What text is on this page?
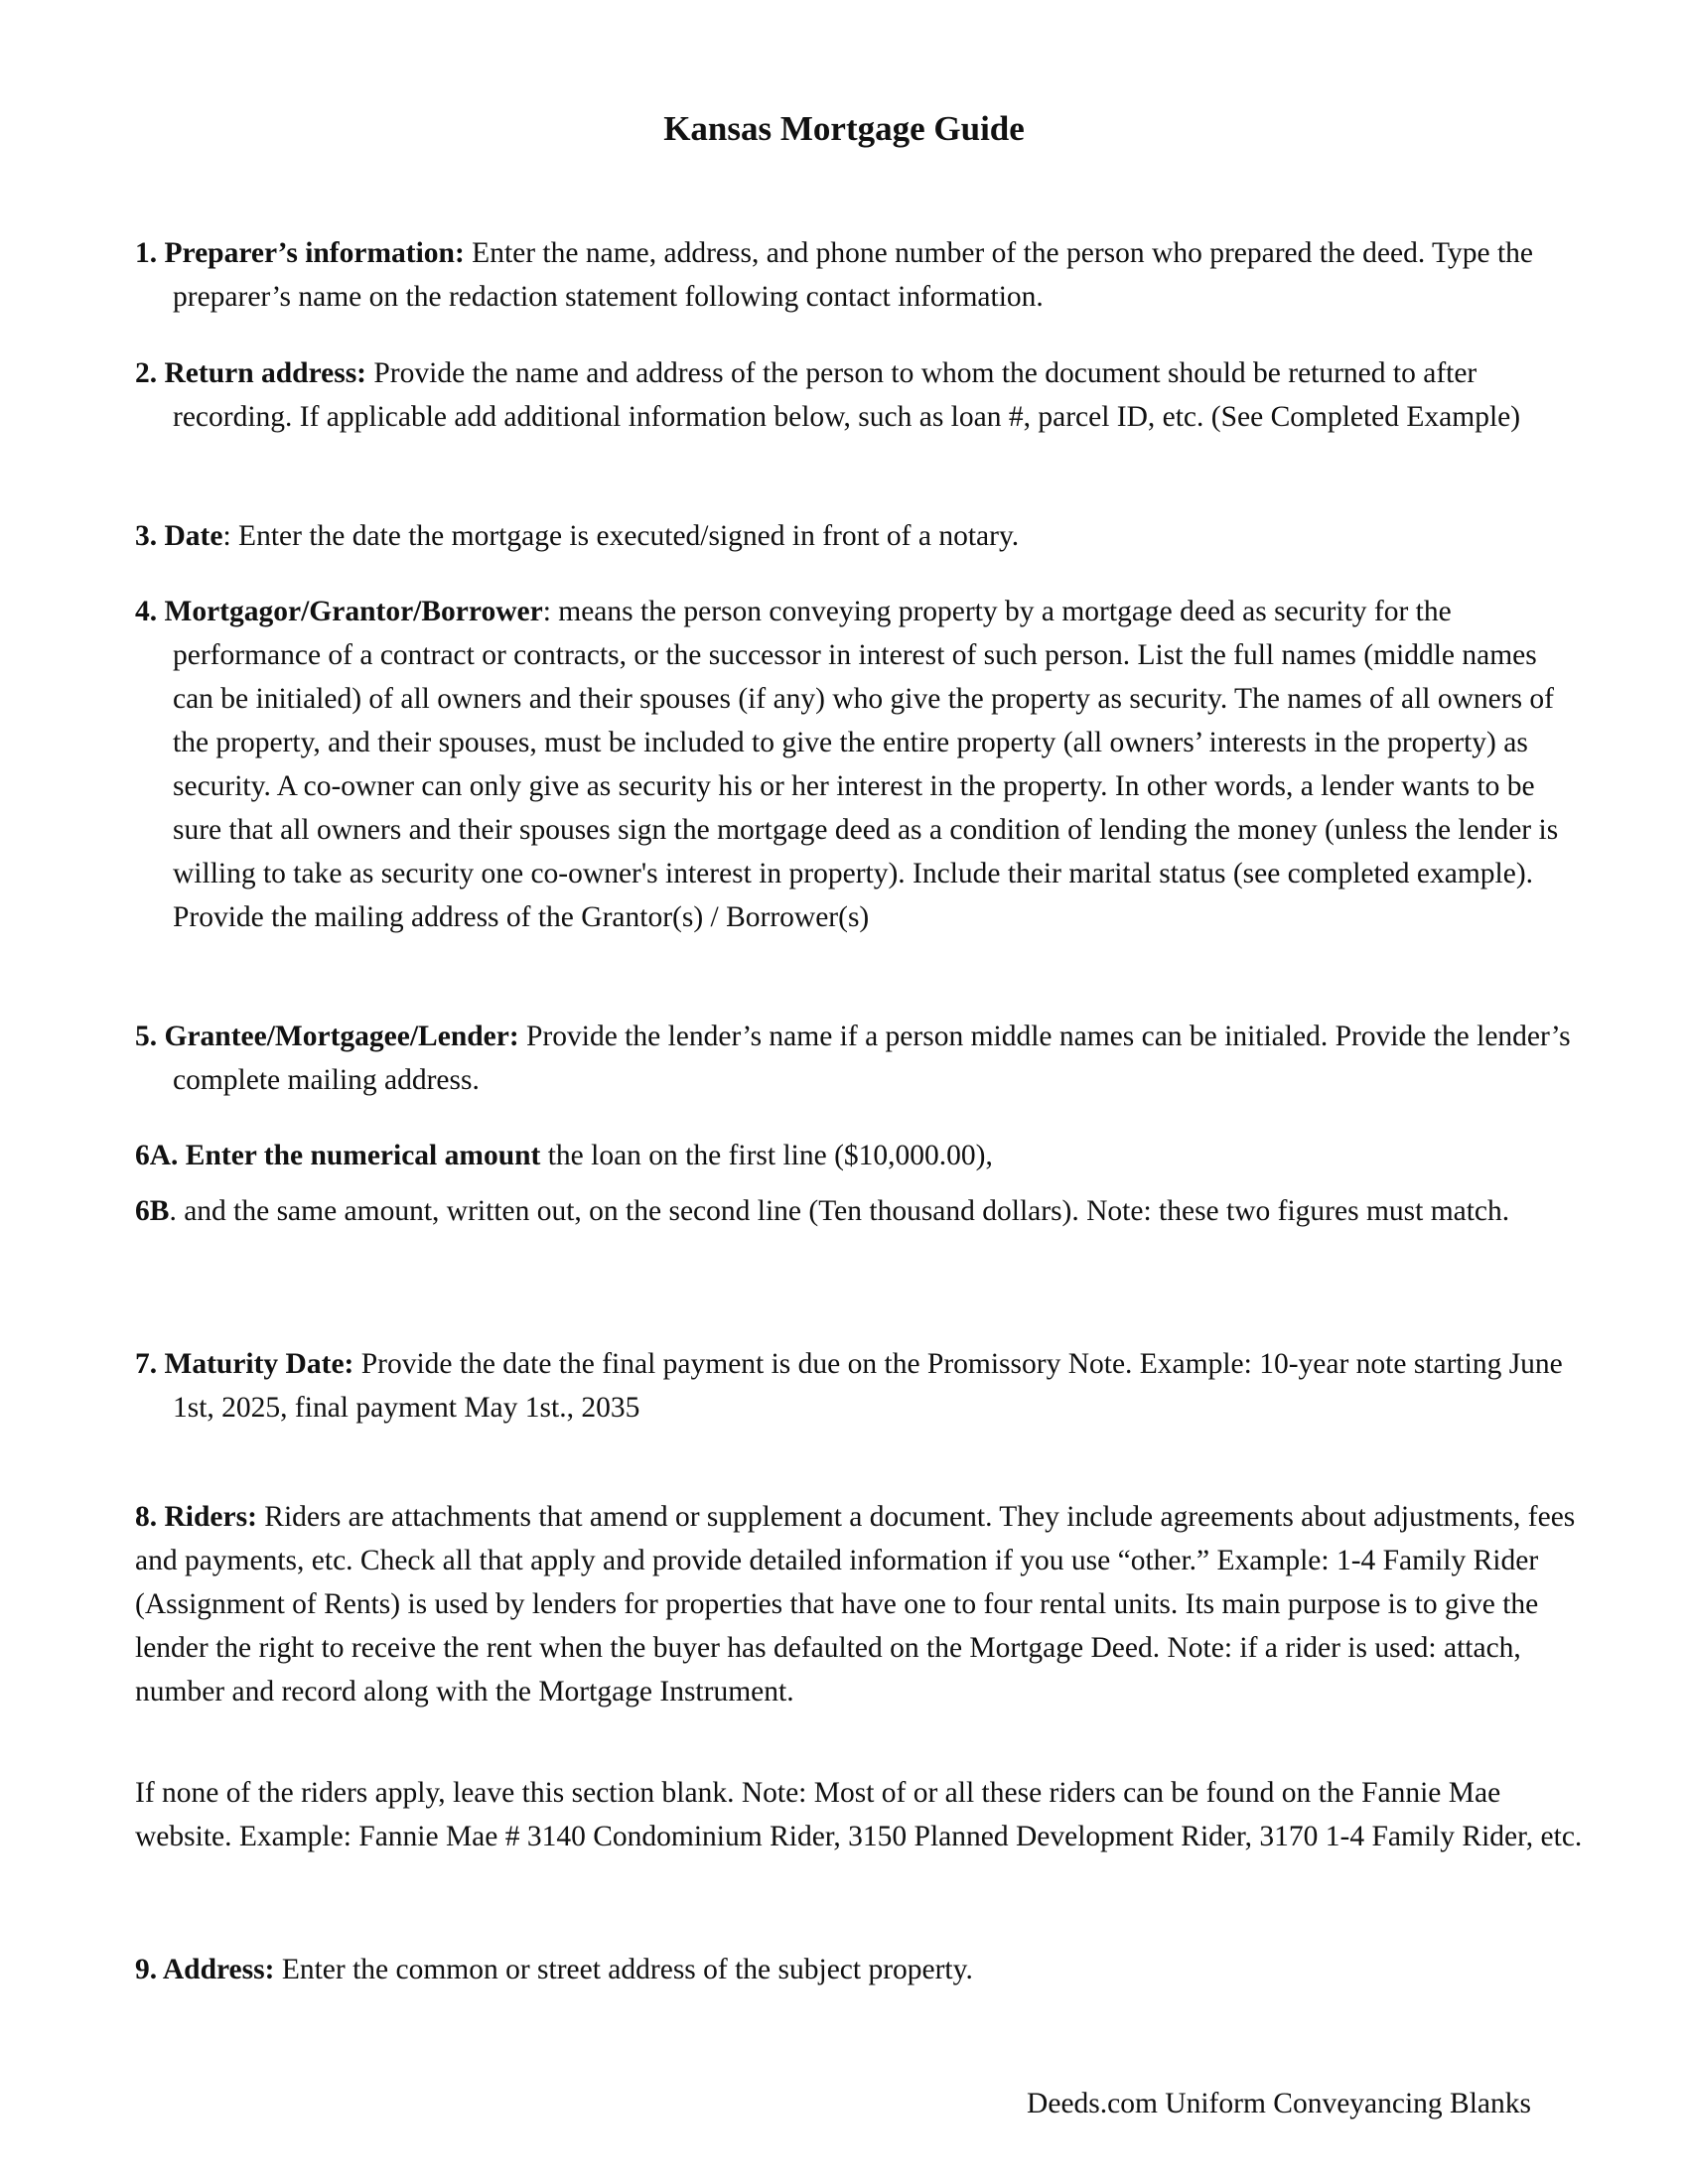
Kansas Mortgage Guide
1. Preparer’s information: Enter the name, address, and phone number of the person who prepared the deed. Type the preparer’s name on the redaction statement following contact information.
2. Return address: Provide the name and address of the person to whom the document should be returned to after recording. If applicable add additional information below, such as loan #, parcel ID, etc. (See Completed Example)
3. Date: Enter the date the mortgage is executed/signed in front of a notary.
4. Mortgagor/Grantor/Borrower: means the person conveying property by a mortgage deed as security for the performance of a contract or contracts, or the successor in interest of such person. List the full names (middle names can be initialed) of all owners and their spouses (if any) who give the property as security. The names of all owners of the property, and their spouses, must be included to give the entire property (all owners’ interests in the property) as security. A co-owner can only give as security his or her interest in the property. In other words, a lender wants to be sure that all owners and their spouses sign the mortgage deed as a condition of lending the money (unless the lender is willing to take as security one co-owner's interest in property). Include their marital status (see completed example). Provide the mailing address of the Grantor(s) / Borrower(s)
5. Grantee/Mortgagee/Lender: Provide the lender’s name if a person middle names can be initialed. Provide the lender’s complete mailing address.
6A. Enter the numerical amount the loan on the first line ($10,000.00),
6B. and the same amount, written out, on the second line (Ten thousand dollars). Note: these two figures must match.
7. Maturity Date: Provide the date the final payment is due on the Promissory Note. Example: 10-year note starting June 1st, 2025, final payment May 1st., 2035
8. Riders: Riders are attachments that amend or supplement a document. They include agreements about adjustments, fees and payments, etc. Check all that apply and provide detailed information if you use “other.” Example: 1-4 Family Rider (Assignment of Rents) is used by lenders for properties that have one to four rental units. Its main purpose is to give the lender the right to receive the rent when the buyer has defaulted on the Mortgage Deed. Note: if a rider is used: attach, number and record along with the Mortgage Instrument.
If none of the riders apply, leave this section blank. Note: Most of or all these riders can be found on the Fannie Mae website. Example: Fannie Mae # 3140 Condominium Rider, 3150 Planned Development Rider, 3170 1-4 Family Rider, etc.
9. Address: Enter the common or street address of the subject property.
Deeds.com Uniform Conveyancing Blanks
